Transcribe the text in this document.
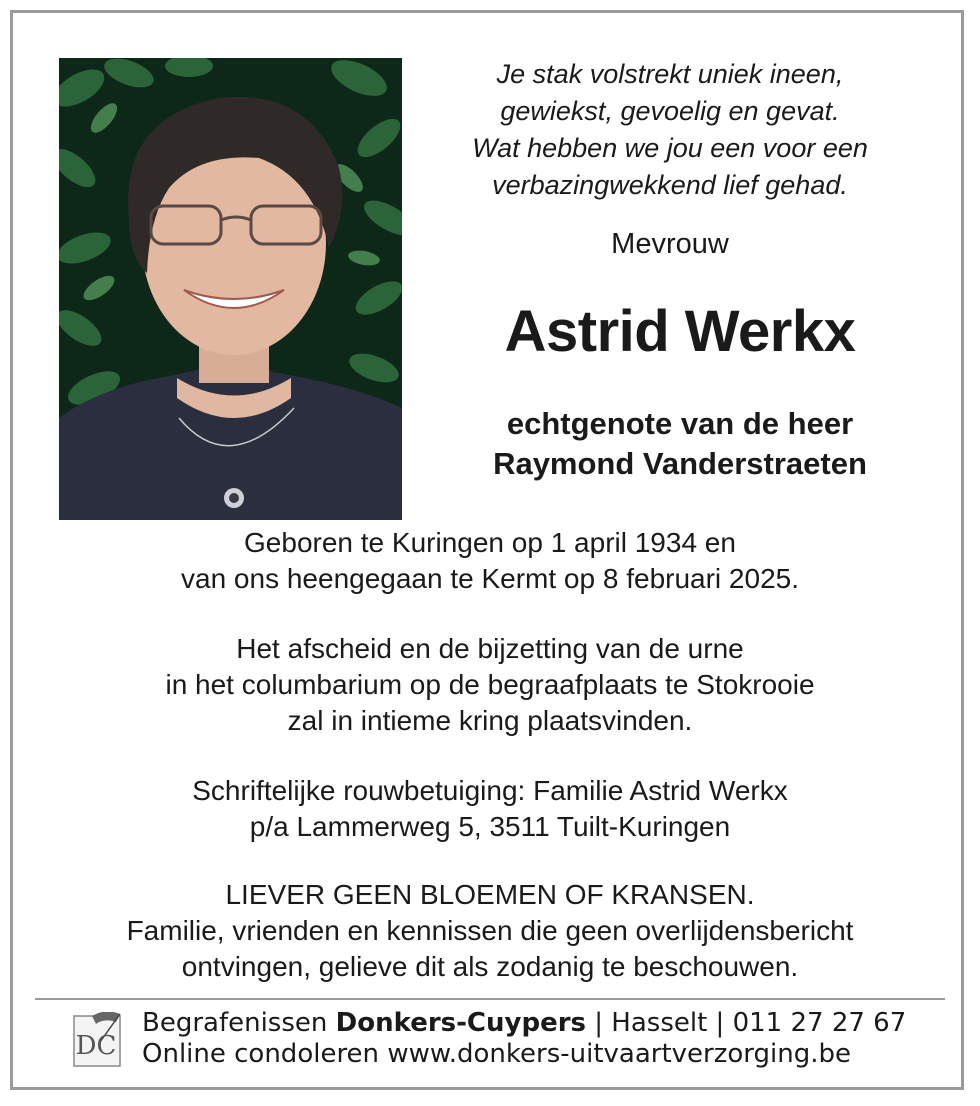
Je stak volstrekt uniek ineen,
gewiekst, gevoelig en gevat.
Wat hebben we jou een voor een
verbazingwekkend lief gehad.
Mevrouw
Astrid Werkx
echtgenote van de heer
Raymond Vanderstraeten
Geboren te Kuringen op 1 april 1934 en
van ons heengegaan te Kermt op 8 februari 2025.
Het afscheid en de bijzetting van de urne
in het columbarium op de begraafplaats te Stokrooie
zal in intieme kring plaatsvinden.
Schriftelijke rouwbetuiging: Familie Astrid Werkx
p/a Lammerweg 5, 3511 Tuilt-Kuringen
LIEVER GEEN BLOEMEN OF KRANSEN.
Familie, vrienden en kennissen die geen overlijdensbericht
ontvingen, gelieve dit als zodanig te beschouwen.
DC
Begrafenissen Donkers-Cuypers | Hasselt | 011 27 27 67
Online condoleren www.donkers-uitvaartverzorging.be
